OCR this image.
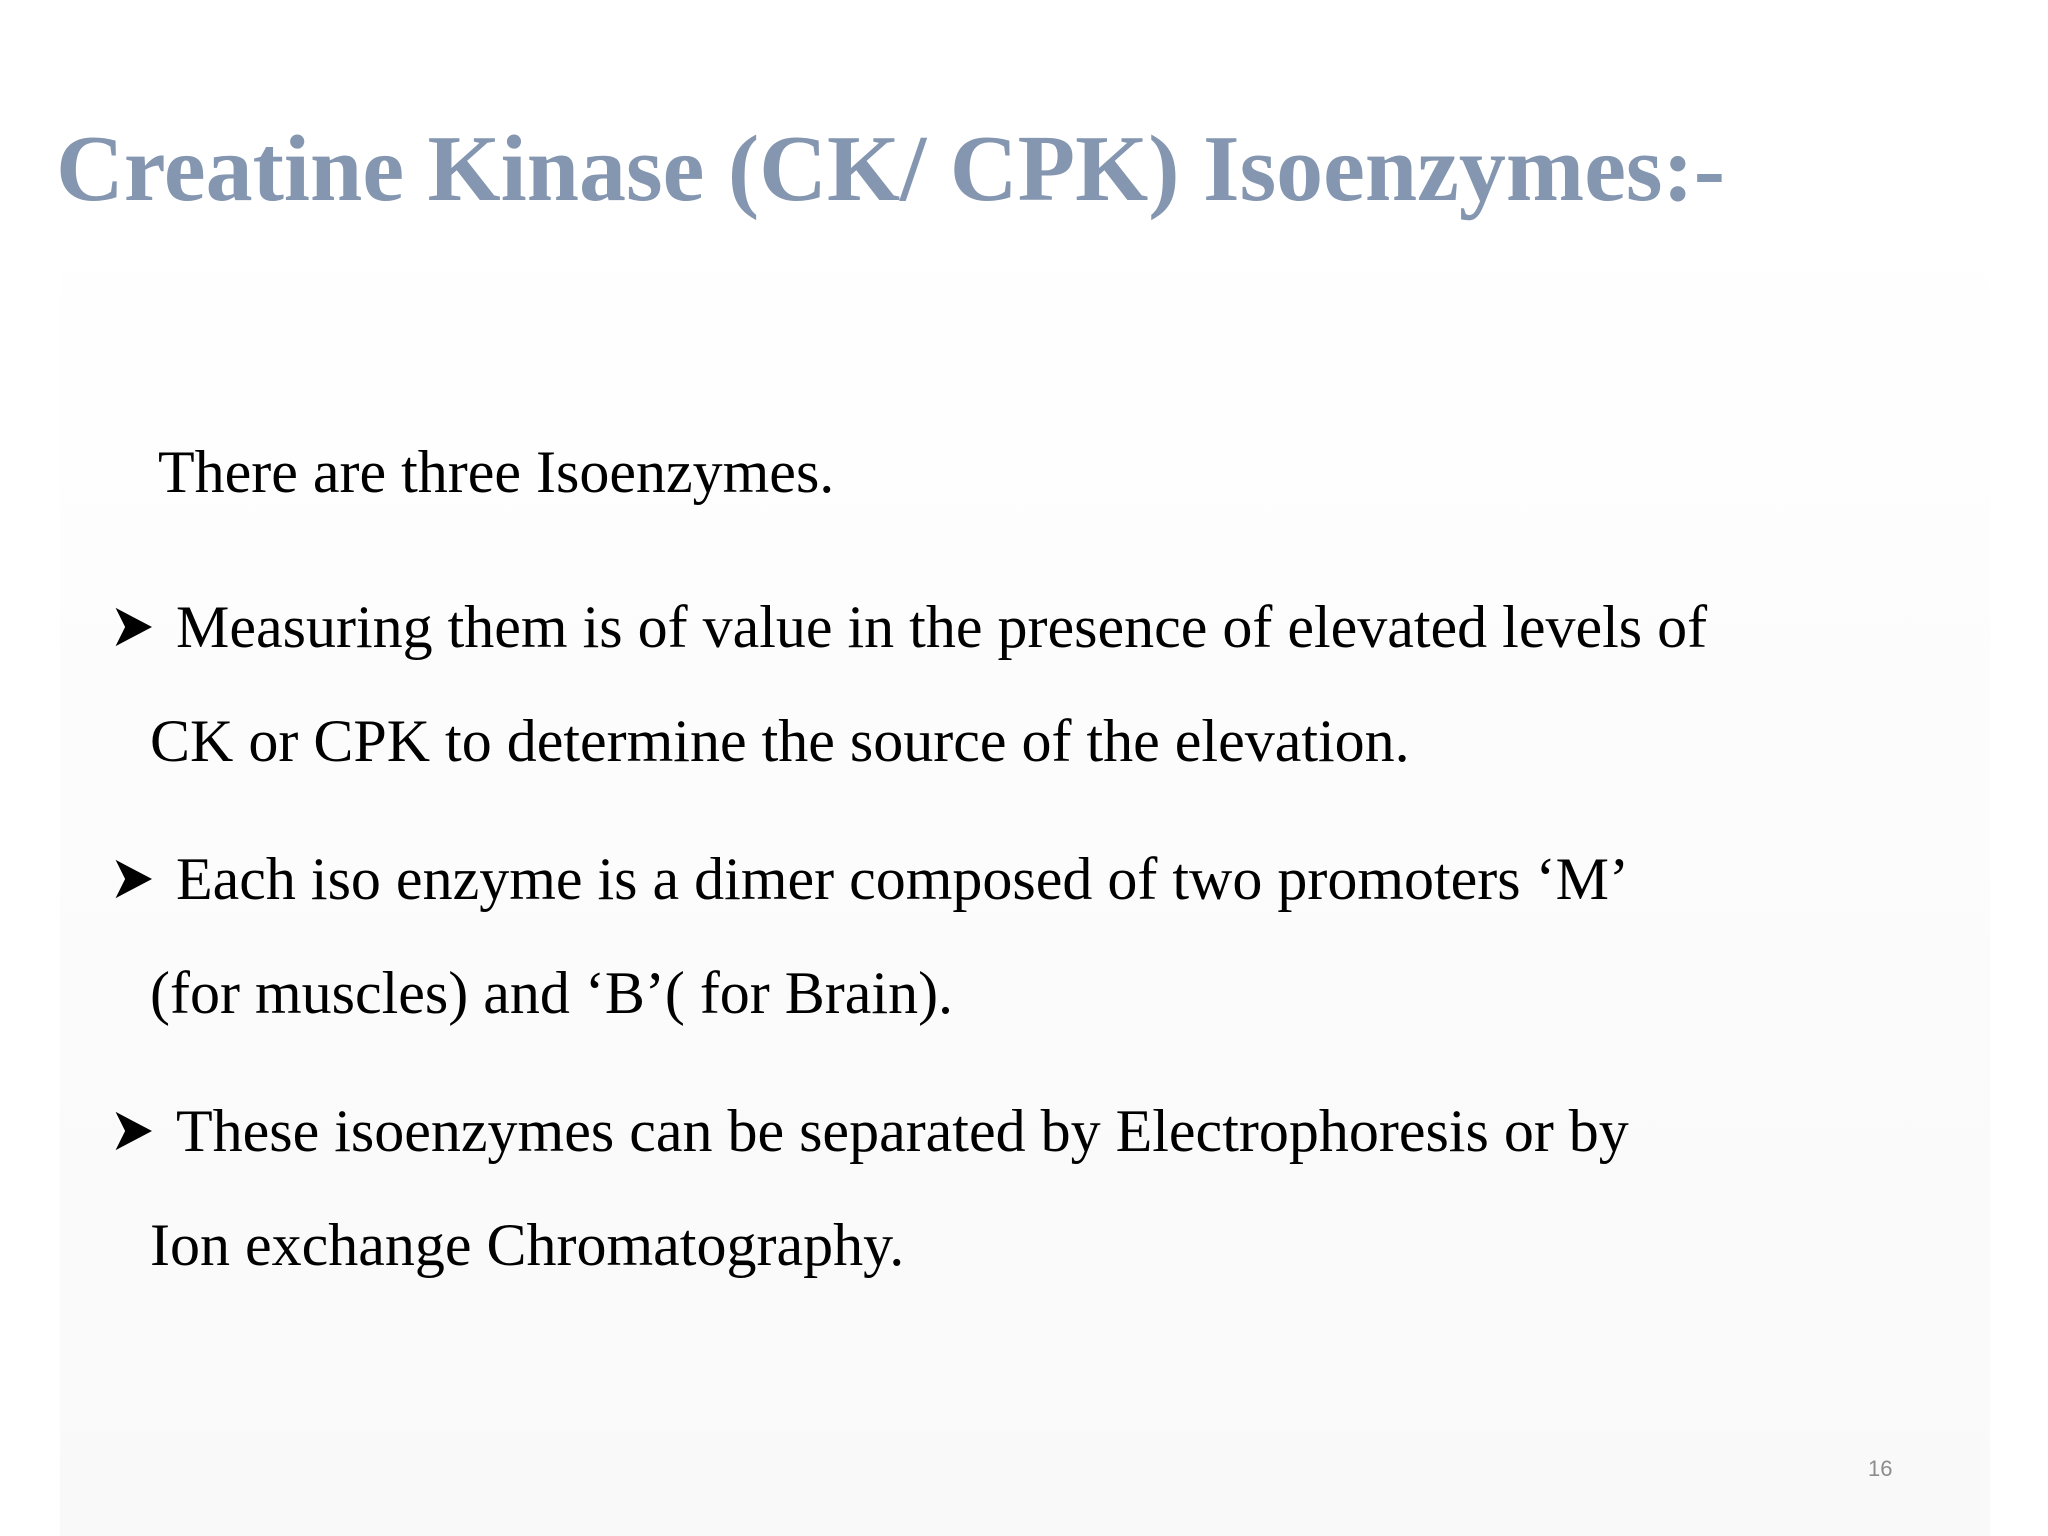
Creatine Kinase (CK/ CPK) Isoenzymes:-

There are three Isoenzymes.

Measuring them is of value in the presence of elevated levels of
CK or CPK to determine the source of the elevation.
Each iso enzyme is a dimer composed of two promoters ‘M’
(for muscles) and ‘B’( for Brain).
These isoenzymes can be separated by Electrophoresis or by
Ion exchange Chromatography.
16
